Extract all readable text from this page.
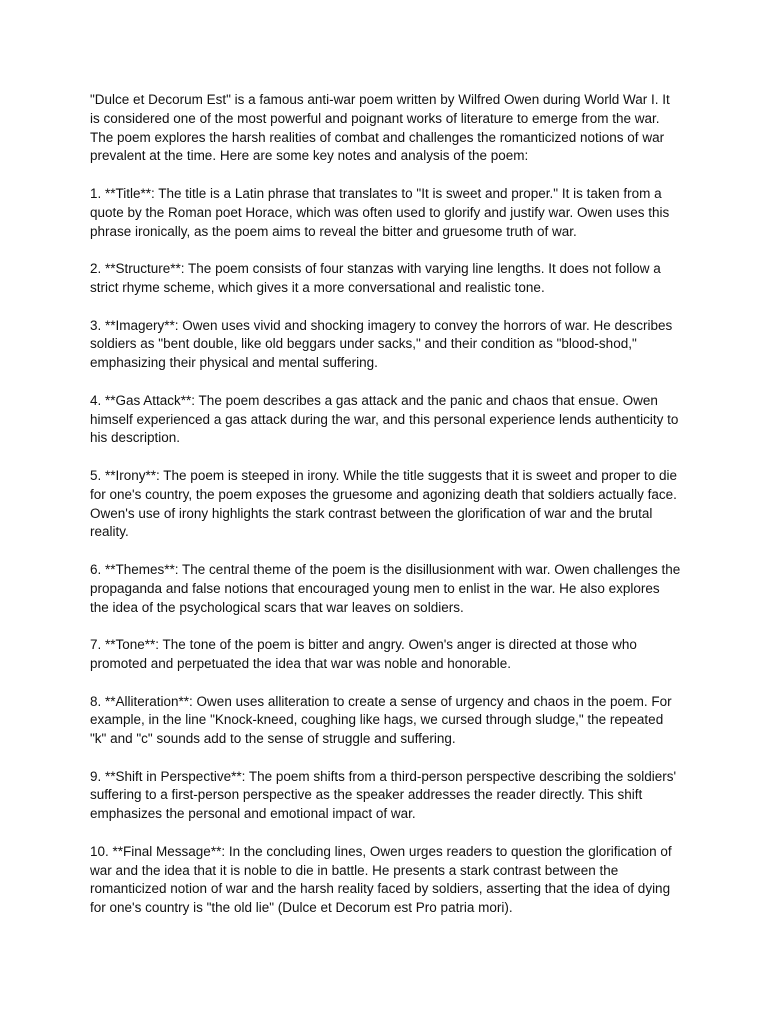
"Dulce et Decorum Est" is a famous anti-war poem written by Wilfred Owen during World War I. It is considered one of the most powerful and poignant works of literature to emerge from the war. The poem explores the harsh realities of combat and challenges the romanticized notions of war prevalent at the time. Here are some key notes and analysis of the poem:

1. **Title**: The title is a Latin phrase that translates to "It is sweet and proper." It is taken from a quote by the Roman poet Horace, which was often used to glorify and justify war. Owen uses this phrase ironically, as the poem aims to reveal the bitter and gruesome truth of war.

2. **Structure**: The poem consists of four stanzas with varying line lengths. It does not follow a strict rhyme scheme, which gives it a more conversational and realistic tone.

3. **Imagery**: Owen uses vivid and shocking imagery to convey the horrors of war. He describes soldiers as "bent double, like old beggars under sacks," and their condition as "blood-shod," emphasizing their physical and mental suffering.

4. **Gas Attack**: The poem describes a gas attack and the panic and chaos that ensue. Owen himself experienced a gas attack during the war, and this personal experience lends authenticity to his description.

5. **Irony**: The poem is steeped in irony. While the title suggests that it is sweet and proper to die for one's country, the poem exposes the gruesome and agonizing death that soldiers actually face. Owen's use of irony highlights the stark contrast between the glorification of war and the brutal reality.

6. **Themes**: The central theme of the poem is the disillusionment with war. Owen challenges the propaganda and false notions that encouraged young men to enlist in the war. He also explores the idea of the psychological scars that war leaves on soldiers.

7. **Tone**: The tone of the poem is bitter and angry. Owen's anger is directed at those who promoted and perpetuated the idea that war was noble and honorable.

8. **Alliteration**: Owen uses alliteration to create a sense of urgency and chaos in the poem. For example, in the line "Knock-kneed, coughing like hags, we cursed through sludge," the repeated "k" and "c" sounds add to the sense of struggle and suffering.

9. **Shift in Perspective**: The poem shifts from a third-person perspective describing the soldiers' suffering to a first-person perspective as the speaker addresses the reader directly. This shift emphasizes the personal and emotional impact of war.

10. **Final Message**: In the concluding lines, Owen urges readers to question the glorification of war and the idea that it is noble to die in battle. He presents a stark contrast between the romanticized notion of war and the harsh reality faced by soldiers, asserting that the idea of dying for one's country is "the old lie" (Dulce et Decorum est Pro patria mori).
